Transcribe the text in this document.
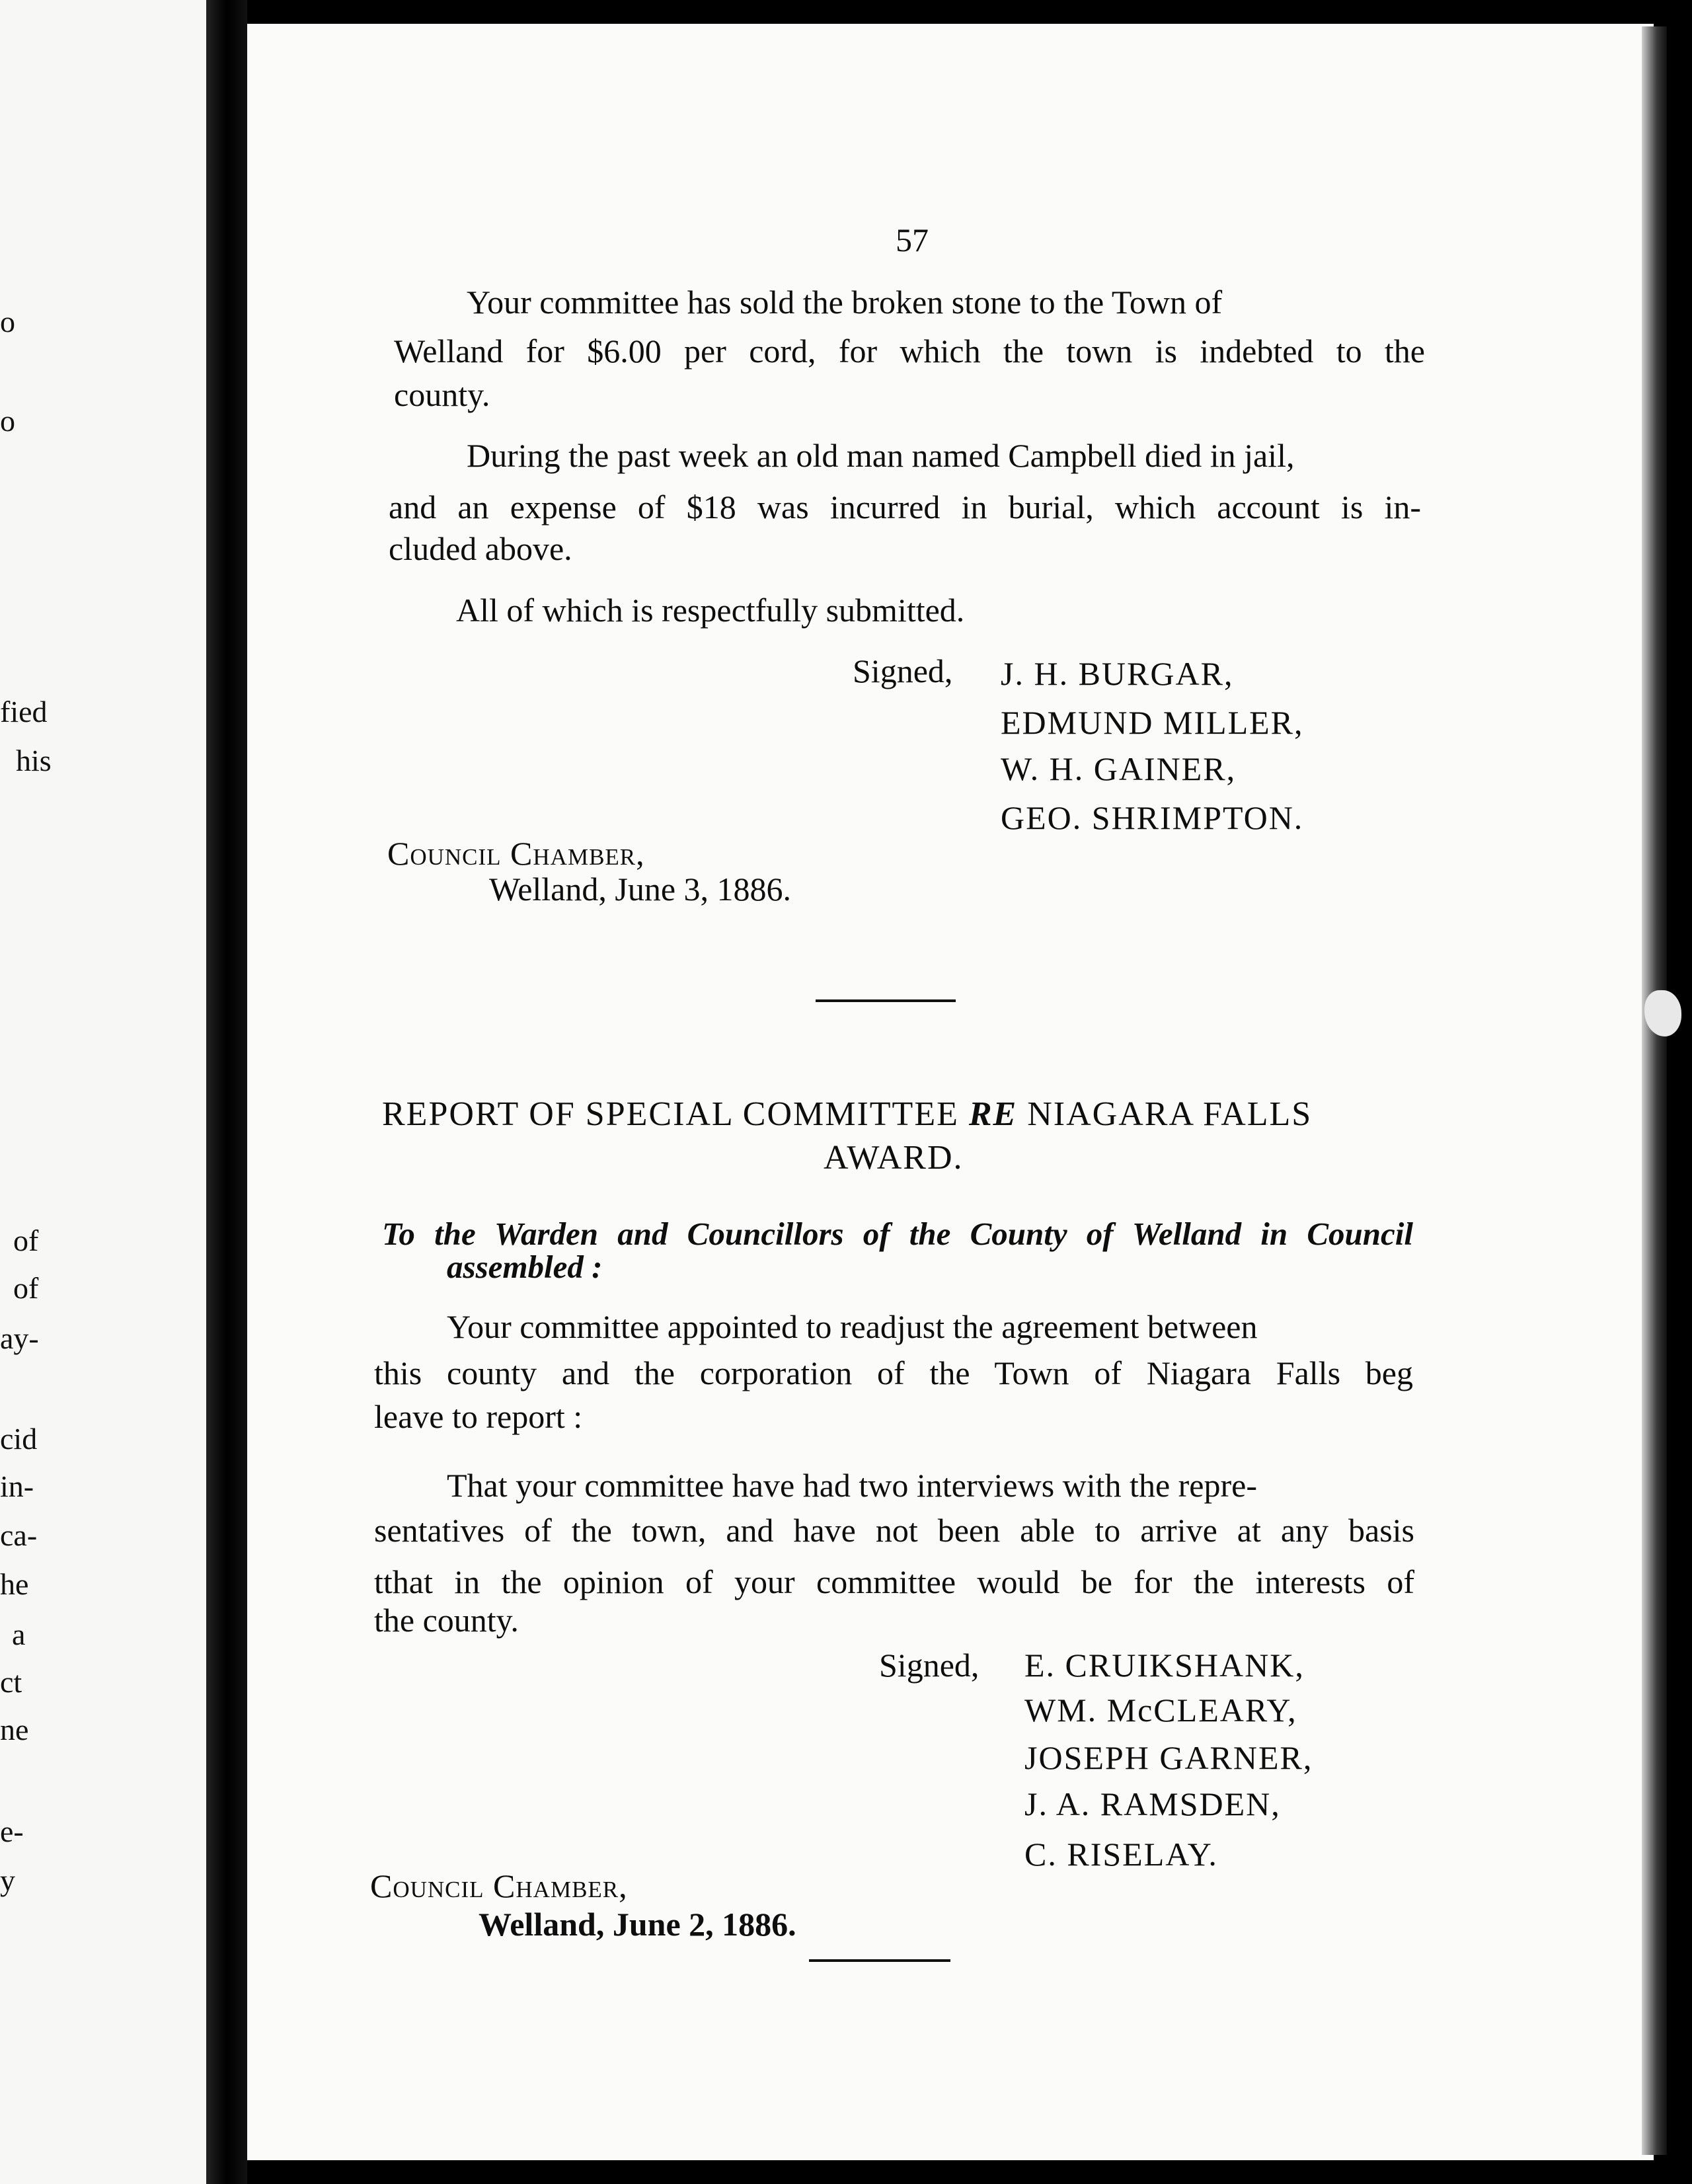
o
o
fied
his
of
of
ay-
cid
in-
ca-
he
a
ct
ne
e-
y
57
Your committee has sold the broken stone to the Town of
Welland for $6.00 per cord, for which the town is indebted to the
county.
During the past week an old man named Campbell died in jail,
and an expense of $18 was incurred in burial, which account is in-
cluded above.
All of which is respectfully submitted.
Signed, J. H. BURGAR,
EDMUND MILLER,
W. H. GAINER,
GEO. SHRIMPTON.
Council Chamber,
Welland, June 3, 1886.
REPORT OF SPECIAL COMMITTEE RE NIAGARA FALLS
AWARD.
To the Warden and Councillors of the County of Welland in Council
assembled :
Your committee appointed to readjust the agreement between
this county and the corporation of the Town of Niagara Falls beg
leave to report :
That your committee have had two interviews with the repre-
sentatives of the town, and have not been able to arrive at any basis
tthat in the opinion of your committee would be for the interests of
the county.
Signed, E. CRUIKSHANK,
WM. McCLEARY,
JOSEPH GARNER,
J. A. RAMSDEN,
C. RISELAY.
Council Chamber,
Welland, June 2, 1886.
